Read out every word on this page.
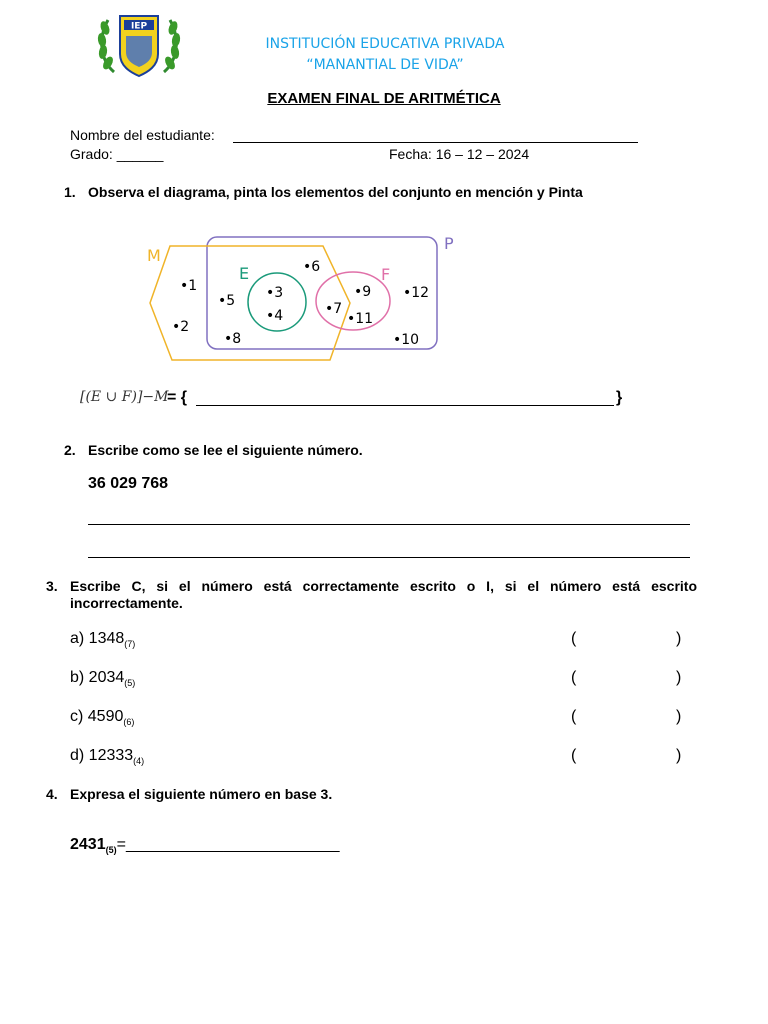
IEP
INSTITUCIÓN EDUCATIVA PRIVADA
“MANANTIAL DE VIDA”
EXAMEN FINAL DE ARITMÉTICA
Nombre del estudiante:
Grado: ______	Fecha: 16 – 12 – 2024
1. Observa el diagrama, pinta los elementos del conjunto en mención y Pinta
M
E	F
P
•1
•2
•5
•8
•6
•3
•4	•7
•9
•11
•12
•10
[(E ∪ F)]−M
= {	}
2. Escribe como se lee el siguiente número.
36 029 768
3. Escribe C, si el número está correctamente escrito o I, si el número está escrito
incorrectamente.
a) $1348_{(7)}$	(	)
b) $2034_{(5)}$	(	)
c) $4590_{(6)}$	(	)
d) $12333_{(4)}$	(	)
4. Expresa el siguiente número en base 3.
$2431_{(5)}=\_\_\_\_\_\_\_\_\_\_\_\_\_\_\_\_\_\_\_\_\_\_\_\_$
